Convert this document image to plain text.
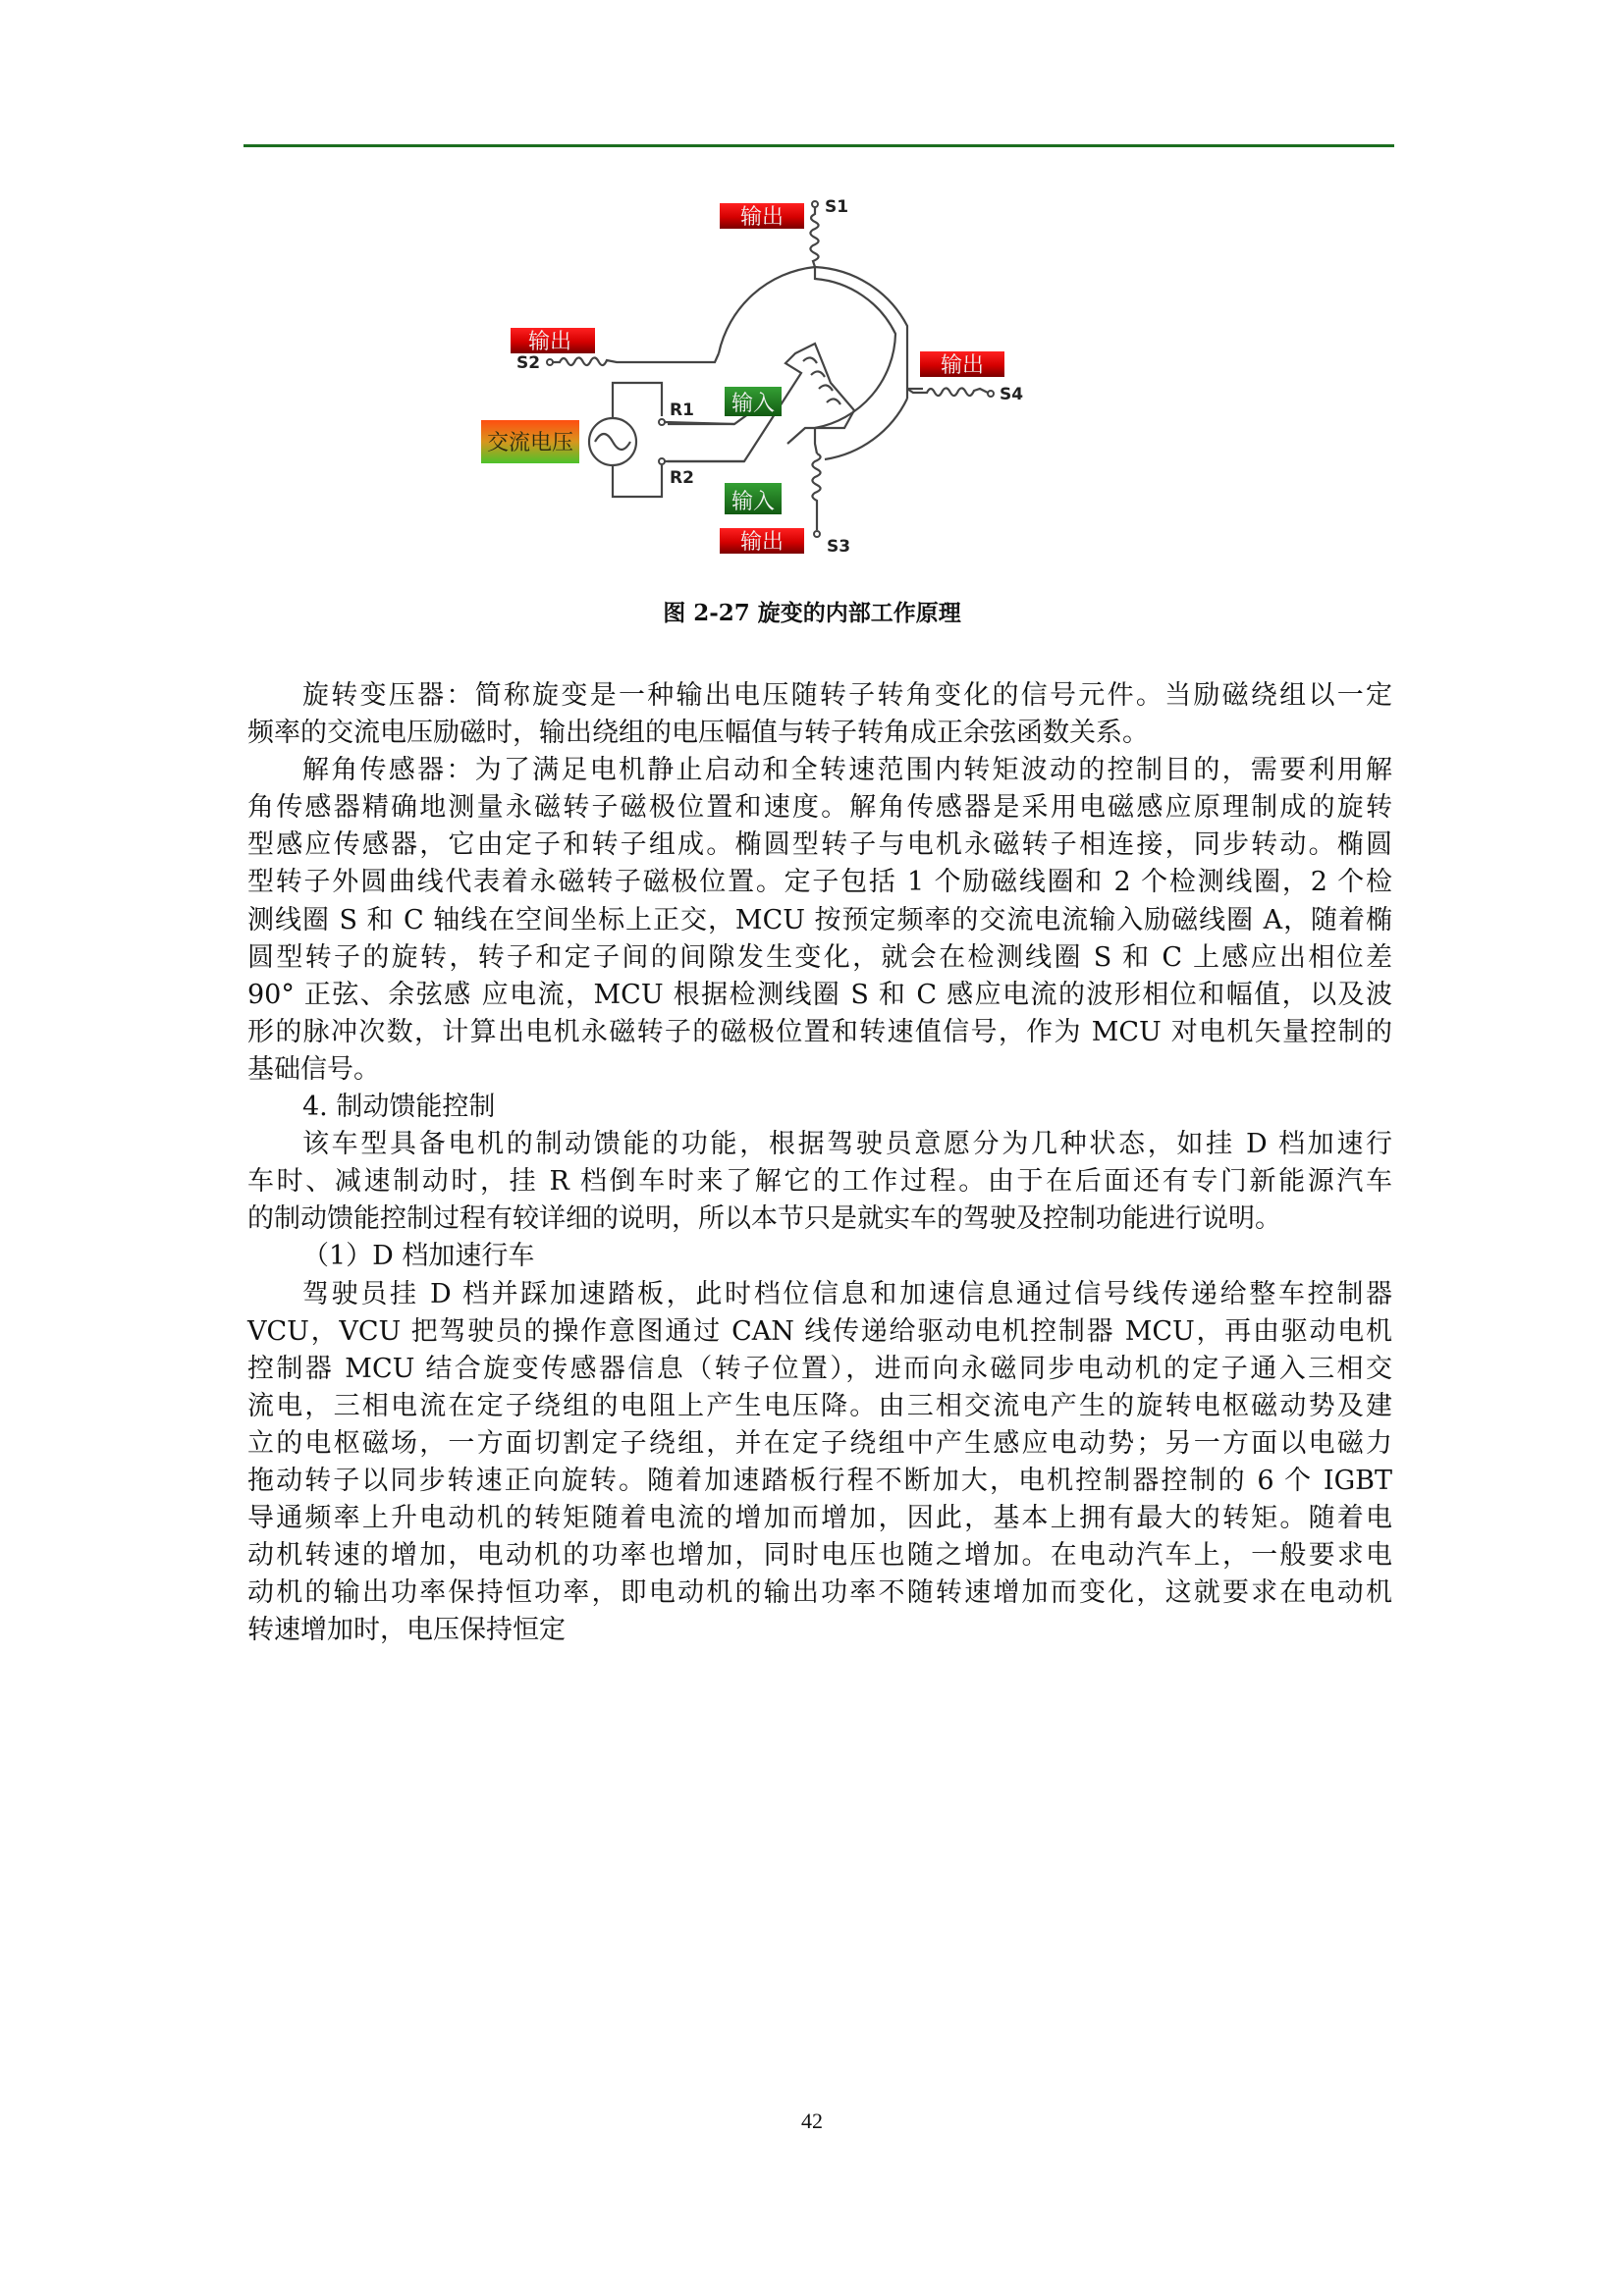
S1
S3
S2
S4
R1
R2
输出
输出
输出
输出
输入
输入
交流电压
图 2-27 旋变的内部工作原理
旋转变压器：简称旋变是一种输出电压随转子转角变化的信号元件。当励磁绕组以一定
频率的交流电压励磁时，输出绕组的电压幅值与转子转角成正余弦函数关系。
解角传感器：为了满足电机静止启动和全转速范围内转矩波动的控制目的，需要利用解
角传感器精确地测量永磁转子磁极位置和速度。解角传感器是采用电磁感应原理制成的旋转
型感应传感器，它由定子和转子组成。椭圆型转子与电机永磁转子相连接，同步转动。椭圆
型转子外圆曲线代表着永磁转子磁极位置。定子包括 1 个励磁线圈和 2 个检测线圈，2 个检
测线圈 S 和 C 轴线在空间坐标上正交，MCU 按预定频率的交流电流输入励磁线圈 A，随着椭
圆型转子的旋转，转子和定子间的间隙发生变化，就会在检测线圈 S 和 C 上感应出相位差
90° 正弦、余弦感 应电流，MCU 根据检测线圈 S 和 C 感应电流的波形相位和幅值，以及波
形的脉冲次数，计算出电机永磁转子的磁极位置和转速值信号，作为 MCU 对电机矢量控制的
基础信号。
4. 制动馈能控制
该车型具备电机的制动馈能的功能，根据驾驶员意愿分为几种状态，如挂 D 档加速行
车时、减速制动时，挂 R 档倒车时来了解它的工作过程。由于在后面还有专门新能源汽车
的制动馈能控制过程有较详细的说明，所以本节只是就实车的驾驶及控制功能进行说明。
（1）D 档加速行车
驾驶员挂 D 档并踩加速踏板，此时档位信息和加速信息通过信号线传递给整车控制器
VCU，VCU 把驾驶员的操作意图通过 CAN 线传递给驱动电机控制器 MCU，再由驱动电机
控制器 MCU 结合旋变传感器信息（转子位置），进而向永磁同步电动机的定子通入三相交
流电，三相电流在定子绕组的电阻上产生电压降。由三相交流电产生的旋转电枢磁动势及建
立的电枢磁场，一方面切割定子绕组，并在定子绕组中产生感应电动势；另一方面以电磁力
拖动转子以同步转速正向旋转。随着加速踏板行程不断加大，电机控制器控制的 6 个 IGBT
导通频率上升电动机的转矩随着电流的增加而增加，因此，基本上拥有最大的转矩。随着电
动机转速的增加，电动机的功率也增加，同时电压也随之增加。在电动汽车上，一般要求电
动机的输出功率保持恒功率，即电动机的输出功率不随转速增加而变化，这就要求在电动机
转速增加时，电压保持恒定
42
